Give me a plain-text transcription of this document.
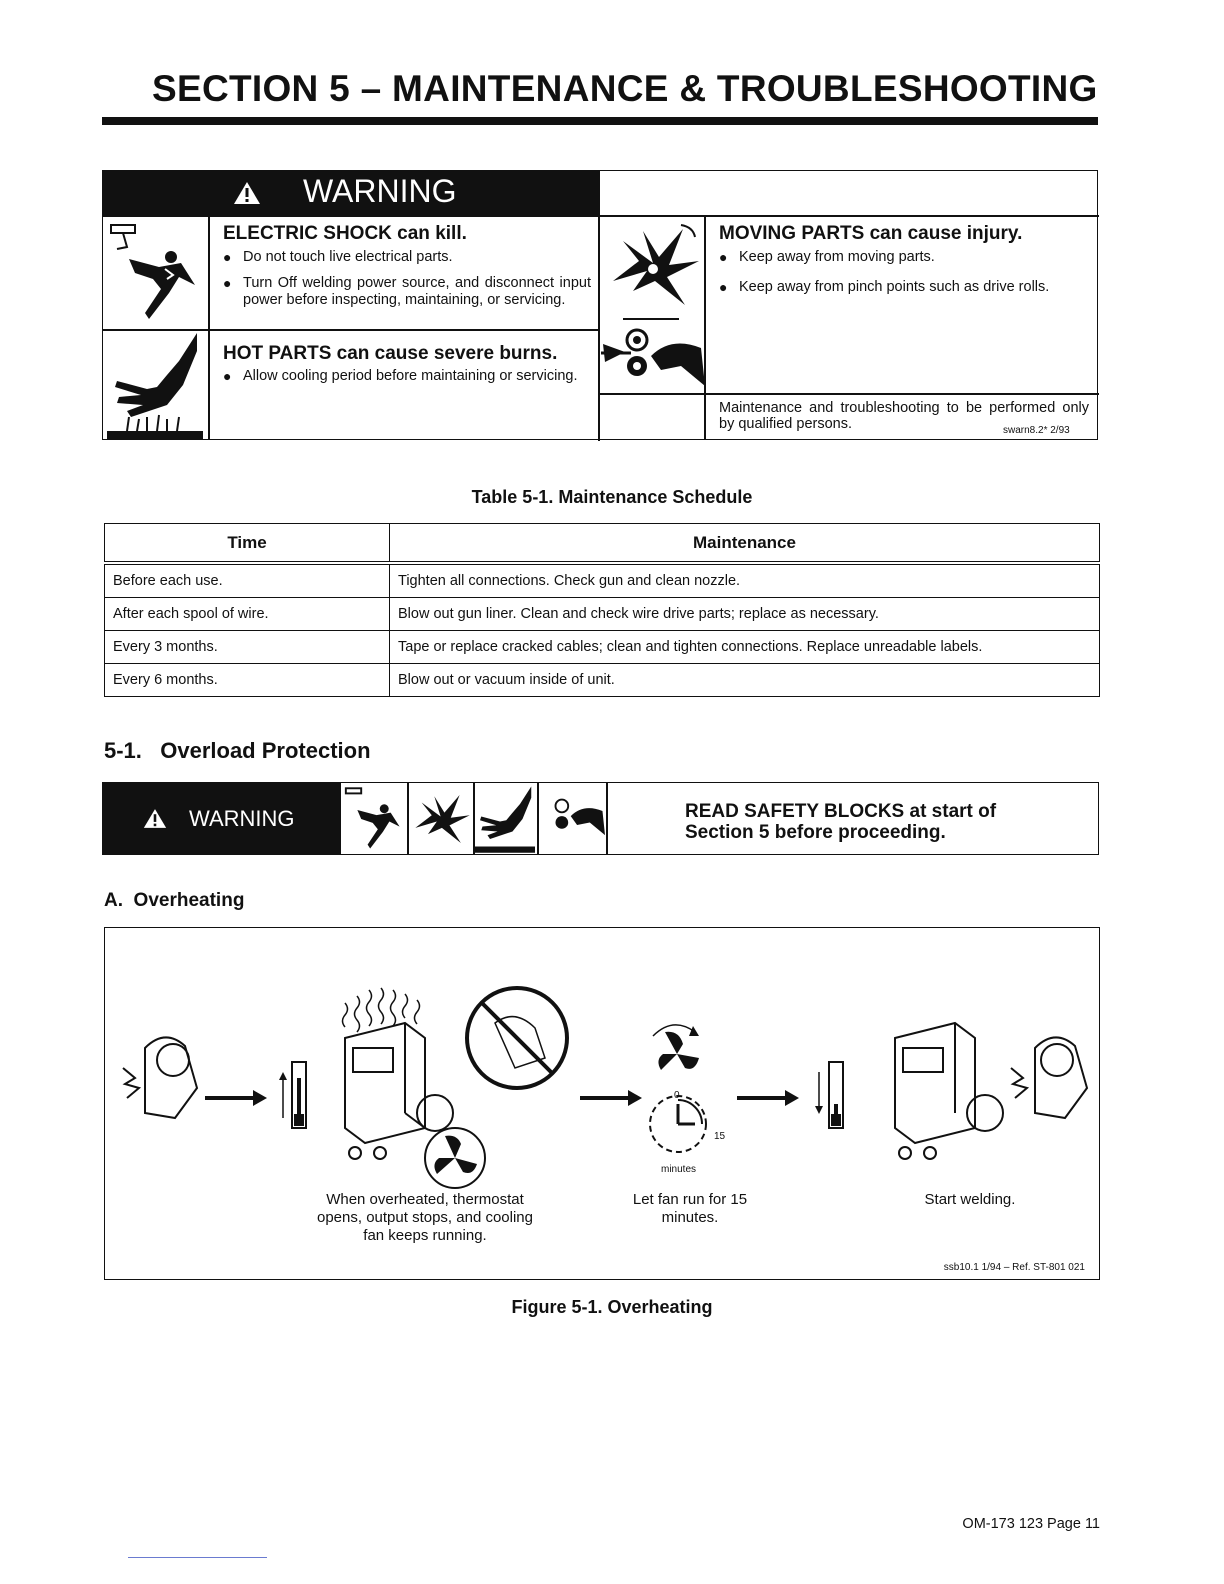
SECTION 5 – MAINTENANCE & TROUBLESHOOTING
WARNING
ELECTRIC SHOCK can kill.
● Do not touch live electrical parts.
● Turn Off welding power source, and disconnect input power before inspecting, maintaining, or servicing.
HOT PARTS can cause severe burns.
● Allow cooling period before maintaining or servicing.
MOVING PARTS can cause injury.
● Keep away from moving parts.
● Keep away from pinch points such as drive rolls.
Maintenance and troubleshooting to be performed only by qualified persons.	swarn8.2* 2/93
Table 5-1. Maintenance Schedule
Time	Maintenance
Before each use.	Tighten all connections. Check gun and clean nozzle.
After each spool of wire.	Blow out gun liner. Clean and check wire drive parts; replace as necessary.
Every 3 months.	Tape or replace cracked cables; clean and tighten connections. Replace unreadable labels.
Every 6 months.	Blow out or vacuum inside of unit.
5-1.   Overload Protection
WARNING	READ SAFETY BLOCKS at start of Section 5 before proceeding.
A.  Overheating
0
15
minutes
When overheated, thermostat opens, output stops, and cooling fan keeps running.
Let fan run for 15 minutes.
Start welding.
ssb10.1 1/94 – Ref. ST-801 021
Figure 5-1. Overheating
OM-173 123 Page 11
